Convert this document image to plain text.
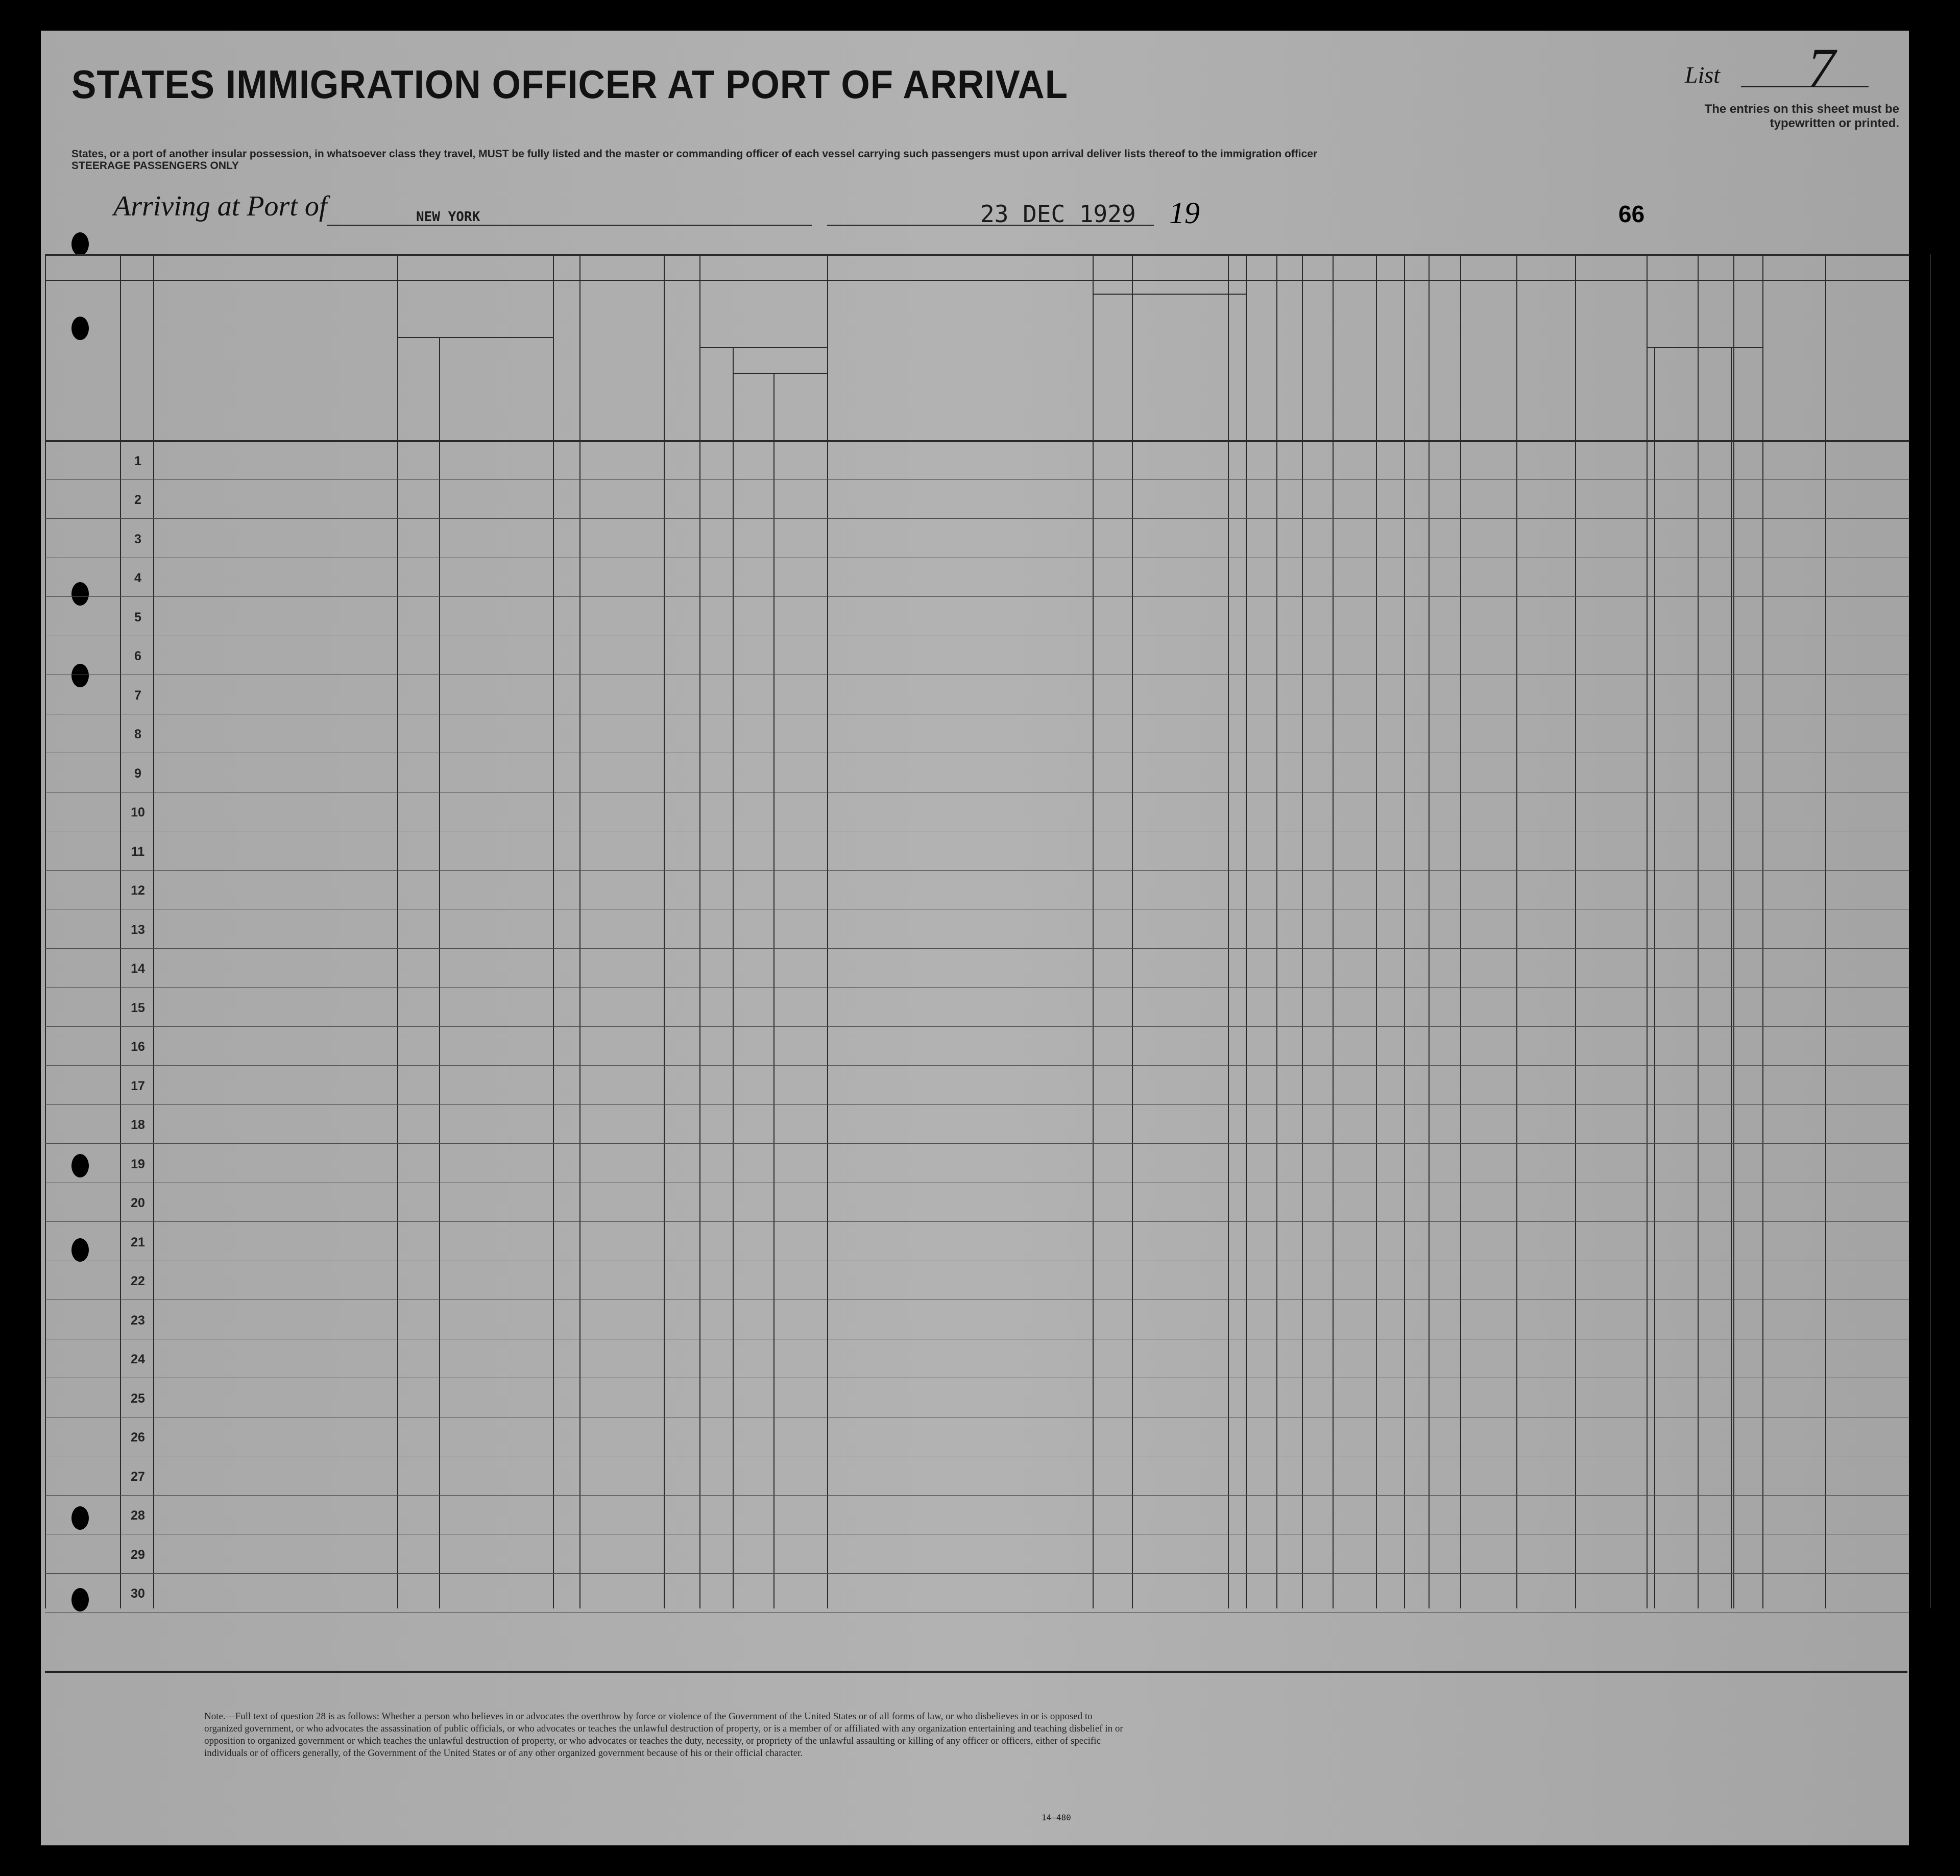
STATES IMMIGRATION OFFICER AT PORT OF ARRIVAL
States, or a port of another insular possession, in whatsoever class they travel, MUST be fully listed and the master or commanding officer of each vessel carrying such passengers must upon arrival deliver lists thereof to the immigration officer
STEERAGE PASSENGERS ONLY
List 7
The entries on this sheet must be typewritten or printed.
Arriving at Port of	NEW YORK	23 DEC 1929 19	66
1
2
3
4
5
6
7
8
9
10
11
12
13
14
15
16
17
18
19
20
21
22
23
24
25
26
27
28
29
30
Note.—Full text of question 28 is as follows: Whether a person who believes in or advocates the overthrow by force or violence of the Government of the United States or of all forms of law, or who disbelieves in or is opposed to organized government, or who advocates the assassination of public officials, or who advocates or teaches the unlawful destruction of property, or is a member of or affiliated with any organization entertaining and teaching disbelief in or opposition to organized government or which teaches the unlawful destruction of property, or who advocates or teaches the duty, necessity, or propriety of the unlawful assaulting or killing of any officer or officers, either of specific individuals or of officers generally, of the Government of the United States or of any other organized government because of his or their official character.
14—480
